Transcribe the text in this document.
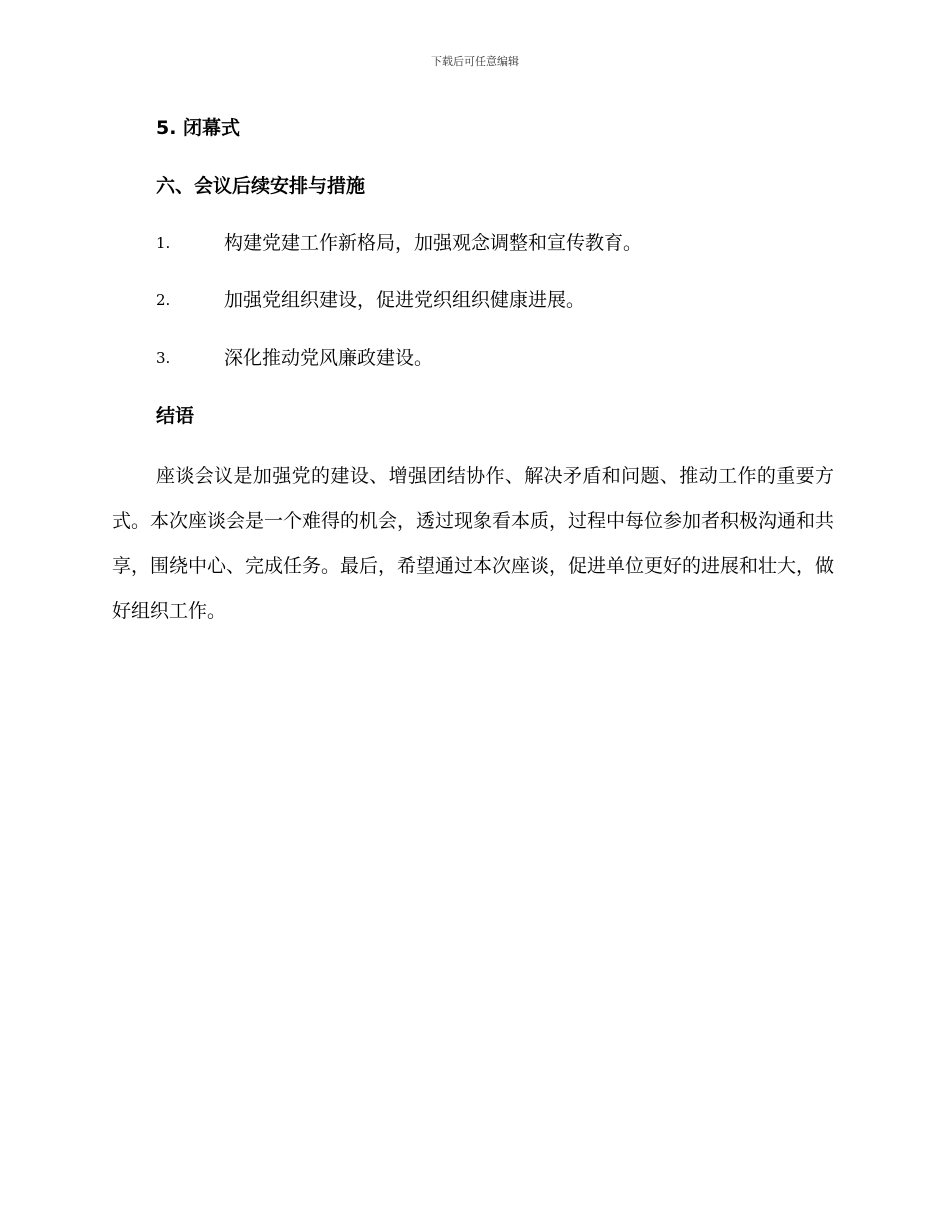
下载后可任意编辑
5. 闭幕式
六、会议后续安排与措施
1.	构建党建工作新格局，加强观念调整和宣传教育。
2.	加强党组织建设，促进党织组织健康进展。
3.	深化推动党风廉政建设。
结语

座谈会议是加强党的建设、增强团结协作、解决矛盾和问题、推动工作的重要方式。本次座谈会是一个难得的机会，透过现象看本质，过程中每位参加者积极沟通和共享，围绕中心、完成任务。最后，希望通过本次座谈，促进单位更好的进展和壮大，做好组织工作。
